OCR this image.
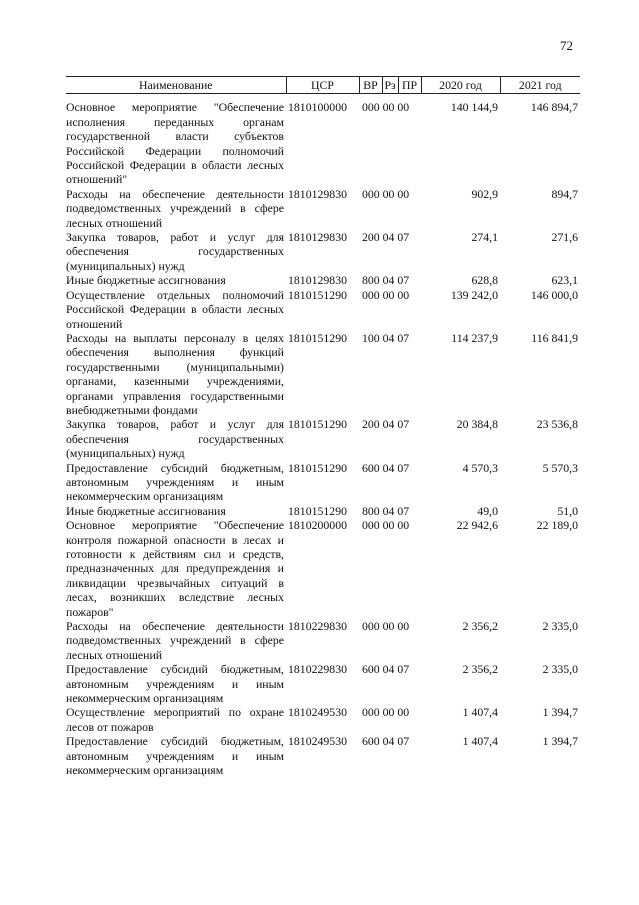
72
Наименование	ЦСР	ВР	Рз	ПР	2020 год	2021 год
Основное мероприятие "Обеспечение исполнения переданных органам государственной власти субъектов Российской Федерации полномочий Российской Федерации в области лесных отношений"	1810100000	000 00 00			140 144,9	146 894,7
Расходы на обеспечение деятельности подведомственных учреждений в сфере лесных отношений	1810129830	000 00 00			902,9	894,7
Закупка товаров, работ и услуг для обеспечения государственных (муниципальных) нужд	1810129830	200 04 07			274,1	271,6
Иные бюджетные ассигнования	1810129830	800 04 07			628,8	623,1
Осуществление отдельных полномочий Российской Федерации в области лесных отношений	1810151290	000 00 00			139 242,0	146 000,0
Расходы на выплаты персоналу в целях обеспечения выполнения функций государственными (муниципальными) органами, казенными учреждениями, органами управления государственными внебюджетными фондами	1810151290	100 04 07			114 237,9	116 841,9
Закупка товаров, работ и услуг для обеспечения государственных (муниципальных) нужд	1810151290	200 04 07			20 384,8	23 536,8
Предоставление субсидий бюджетным, автономным учреждениям и иным некоммерческим организациям	1810151290	600 04 07			4 570,3	5 570,3
Иные бюджетные ассигнования	1810151290	800 04 07			49,0	51,0
Основное мероприятие "Обеспечение контроля пожарной опасности в лесах и готовности к действиям сил и средств, предназначенных для предупреждения и ликвидации чрезвычайных ситуаций в лесах, возникших вследствие лесных пожаров"	1810200000	000 00 00			22 942,6	22 189,0
Расходы на обеспечение деятельности подведомственных учреждений в сфере лесных отношений	1810229830	000 00 00			2 356,2	2 335,0
Предоставление субсидий бюджетным, автономным учреждениям и иным некоммерческим организациям	1810229830	600 04 07			2 356,2	2 335,0
Осуществление мероприятий по охране лесов от пожаров	1810249530	000 00 00			1 407,4	1 394,7
Предоставление субсидий бюджетным, автономным учреждениям и иным некоммерческим организациям	1810249530	600 04 07			1 407,4	1 394,7
